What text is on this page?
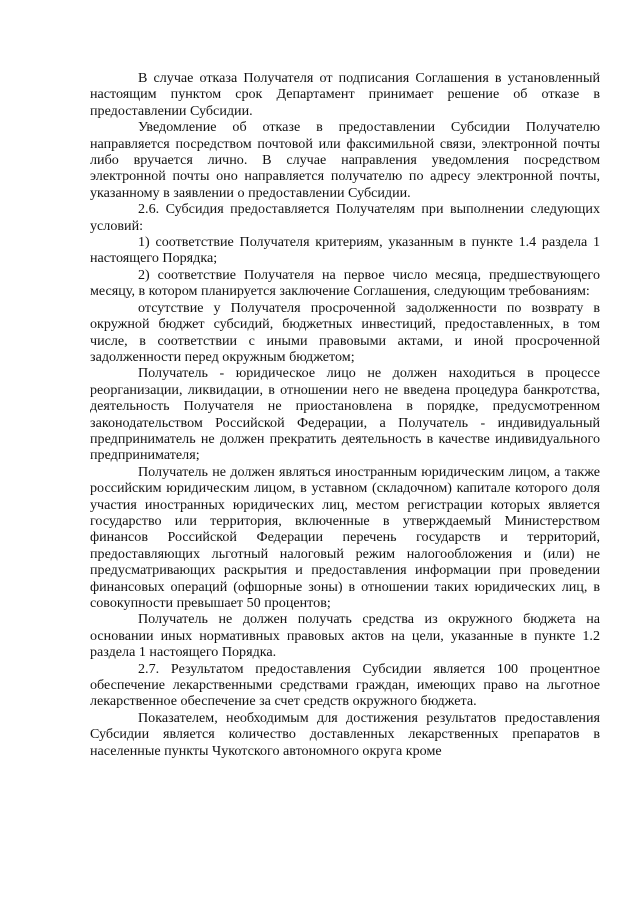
В случае отказа Получателя от подписания Соглашения в установленный настоящим пунктом срок Департамент принимает решение об отказе в предоставлении Субсидии.

Уведомление об отказе в предоставлении Субсидии Получателю направляется посредством почтовой или факсимильной связи, электронной почты либо вручается лично. В случае направления уведомления посредством электронной почты оно направляется получателю по адресу электронной почты, указанному в заявлении о предоставлении Субсидии.

2.6. Субсидия предоставляется Получателям при выполнении следующих условий:

1) соответствие Получателя критериям, указанным в пункте 1.4 раздела 1 настоящего Порядка;

2) соответствие Получателя на первое число месяца, предшествующего месяцу, в котором планируется заключение Соглашения, следующим требованиям:

отсутствие у Получателя просроченной задолженности по возврату в окружной бюджет субсидий, бюджетных инвестиций, предоставленных, в том числе, в соответствии с иными правовыми актами, и иной просроченной задолженности перед окружным бюджетом;

Получатель - юридическое лицо не должен находиться в процессе реорганизации, ликвидации, в отношении него не введена процедура банкротства, деятельность Получателя не приостановлена в порядке, предусмотренном законодательством Российской Федерации, а Получатель - индивидуальный предприниматель не должен прекратить деятельность в качестве индивидуального предпринимателя;

Получатель не должен являться иностранным юридическим лицом, а также российским юридическим лицом, в уставном (складочном) капитале которого доля участия иностранных юридических лиц, местом регистрации которых является государство или территория, включенные в утверждаемый Министерством финансов Российской Федерации перечень государств и территорий, предоставляющих льготный налоговый режим налогообложения и (или) не предусматривающих раскрытия и предоставления информации при проведении финансовых операций (офшорные зоны) в отношении таких юридических лиц, в совокупности превышает 50 процентов;

Получатель не должен получать средства из окружного бюджета на основании иных нормативных правовых актов на цели, указанные в пункте 1.2 раздела 1 настоящего Порядка.

2.7. Результатом предоставления Субсидии является 100 процентное обеспечение лекарственными средствами граждан, имеющих право на льготное лекарственное обеспечение за счет средств окружного бюджета.

Показателем, необходимым для достижения результатов предоставления Субсидии является количество доставленных лекарственных препаратов в населенные пункты Чукотского автономного округа кроме
